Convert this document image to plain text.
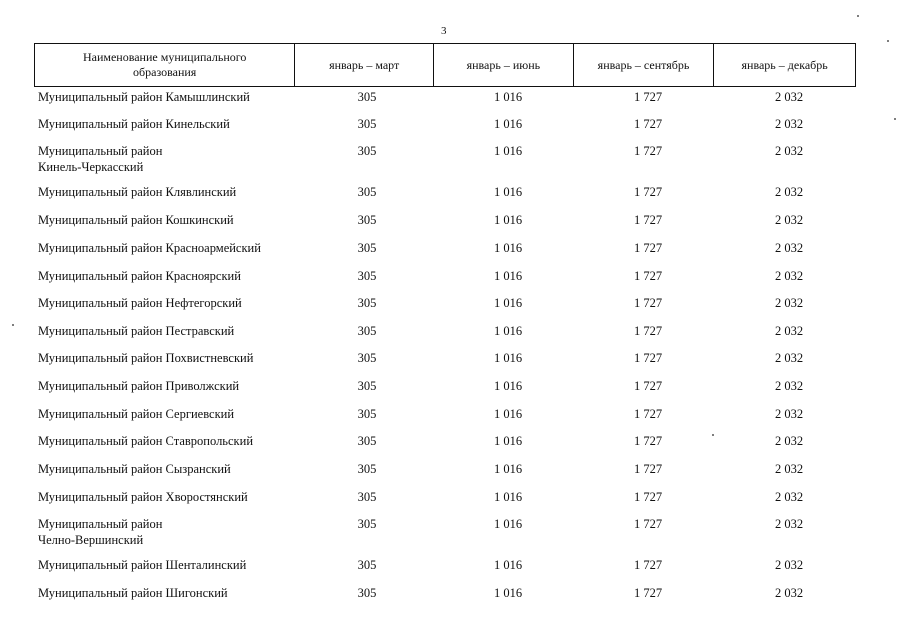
3
Наименование муниципального
образования
январь – март	январь – июнь	январь – сентябрь	январь – декабрь
Муниципальный район Камышлинский	305	1 016	1 727	2 032
Муниципальный район Кинельский	305	1 016	1 727	2 032
Муниципальный район
Кинель-Черкасский
305	1 016	1 727	2 032
Муниципальный район Клявлинский	305	1 016	1 727	2 032
Муниципальный район Кошкинский	305	1 016	1 727	2 032
Муниципальный район Красноармейский	305	1 016	1 727	2 032
Муниципальный район Красноярский	305	1 016	1 727	2 032
Муниципальный район Нефтегорский	305	1 016	1 727	2 032
Муниципальный район Пестравский	305	1 016	1 727	2 032
Муниципальный район Похвистневский	305	1 016	1 727	2 032
Муниципальный район Приволжский	305	1 016	1 727	2 032
Муниципальный район Сергиевский	305	1 016	1 727	2 032
Муниципальный район Ставропольский	305	1 016	1 727	2 032
Муниципальный район Сызранский	305	1 016	1 727	2 032
Муниципальный район Хворостянский	305	1 016	1 727	2 032
Муниципальный район
Челно-Вершинский
305	1 016	1 727	2 032
Муниципальный район Шенталинский	305	1 016	1 727	2 032
Муниципальный район Шигонский	305	1 016	1 727	2 032
